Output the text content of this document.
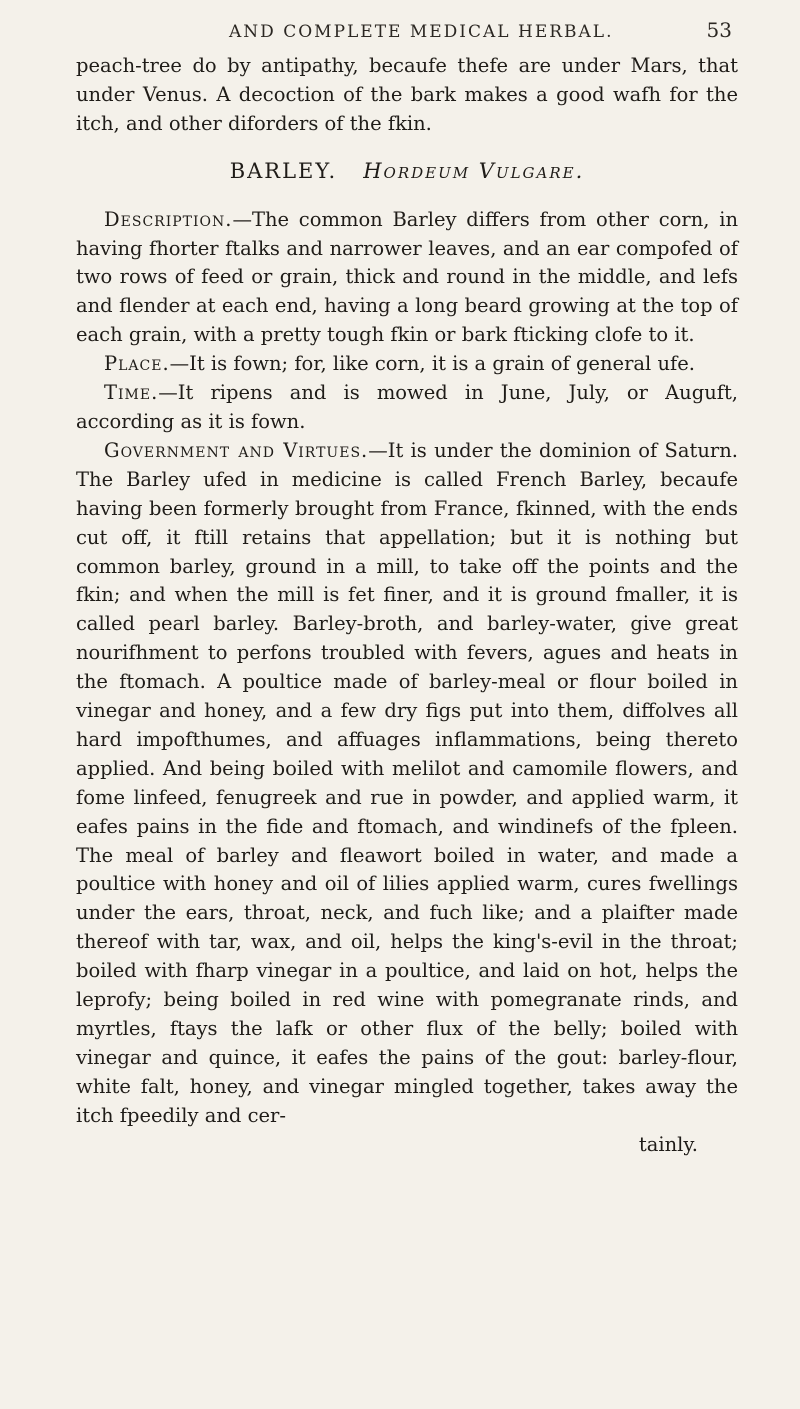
AND COMPLETE MEDICAL HERBAL.	53

peach-tree do by antipathy, becaufe thefe are under Mars, that under Venus. A decoction of the bark makes a good wafh for the itch, and other diforders of the fkin.

BARLEY. Hordeum Vulgare.

Description.—The common Barley differs from other corn, in having fhorter ftalks and narrower leaves, and an ear compofed of two rows of feed or grain, thick and round in the middle, and lefs and flender at each end, having a long beard growing at the top of each grain, with a pretty tough fkin or bark fticking clofe to it.

Place.—It is fown; for, like corn, it is a grain of general ufe.

Time.—It ripens and is mowed in June, July, or Auguft, according as it is fown.

Government and Virtues.—It is under the dominion of Saturn. The Barley ufed in medicine is called French Barley, becaufe having been formerly brought from France, fkinned, with the ends cut off, it ftill retains that appellation; but it is nothing but common barley, ground in a mill, to take off the points and the fkin; and when the mill is fet finer, and it is ground fmaller, it is called pearl barley. Barley-broth, and barley-water, give great nourifhment to perfons troubled with fevers, agues and heats in the ftomach. A poultice made of barley-meal or flour boiled in vinegar and honey, and a few dry figs put into them, diffolves all hard impofthumes, and affuages inflammations, being thereto applied. And being boiled with melilot and camomile flowers, and fome linfeed, fenugreek and rue in powder, and applied warm, it eafes pains in the fide and ftomach, and windinefs of the fpleen. The meal of barley and fleawort boiled in water, and made a poultice with honey and oil of lilies applied warm, cures fwellings under the ears, throat, neck, and fuch like; and a plaifter made thereof with tar, wax, and oil, helps the king's-evil in the throat; boiled with fharp vinegar in a poultice, and laid on hot, helps the leprofy; being boiled in red wine with pomegranate rinds, and myrtles, ftays the lafk or other flux of the belly; boiled with vinegar and quince, it eafes the pains of the gout: barley-flour, white falt, honey, and vinegar mingled together, takes away the itch fpeedily and cer-

tainly.
